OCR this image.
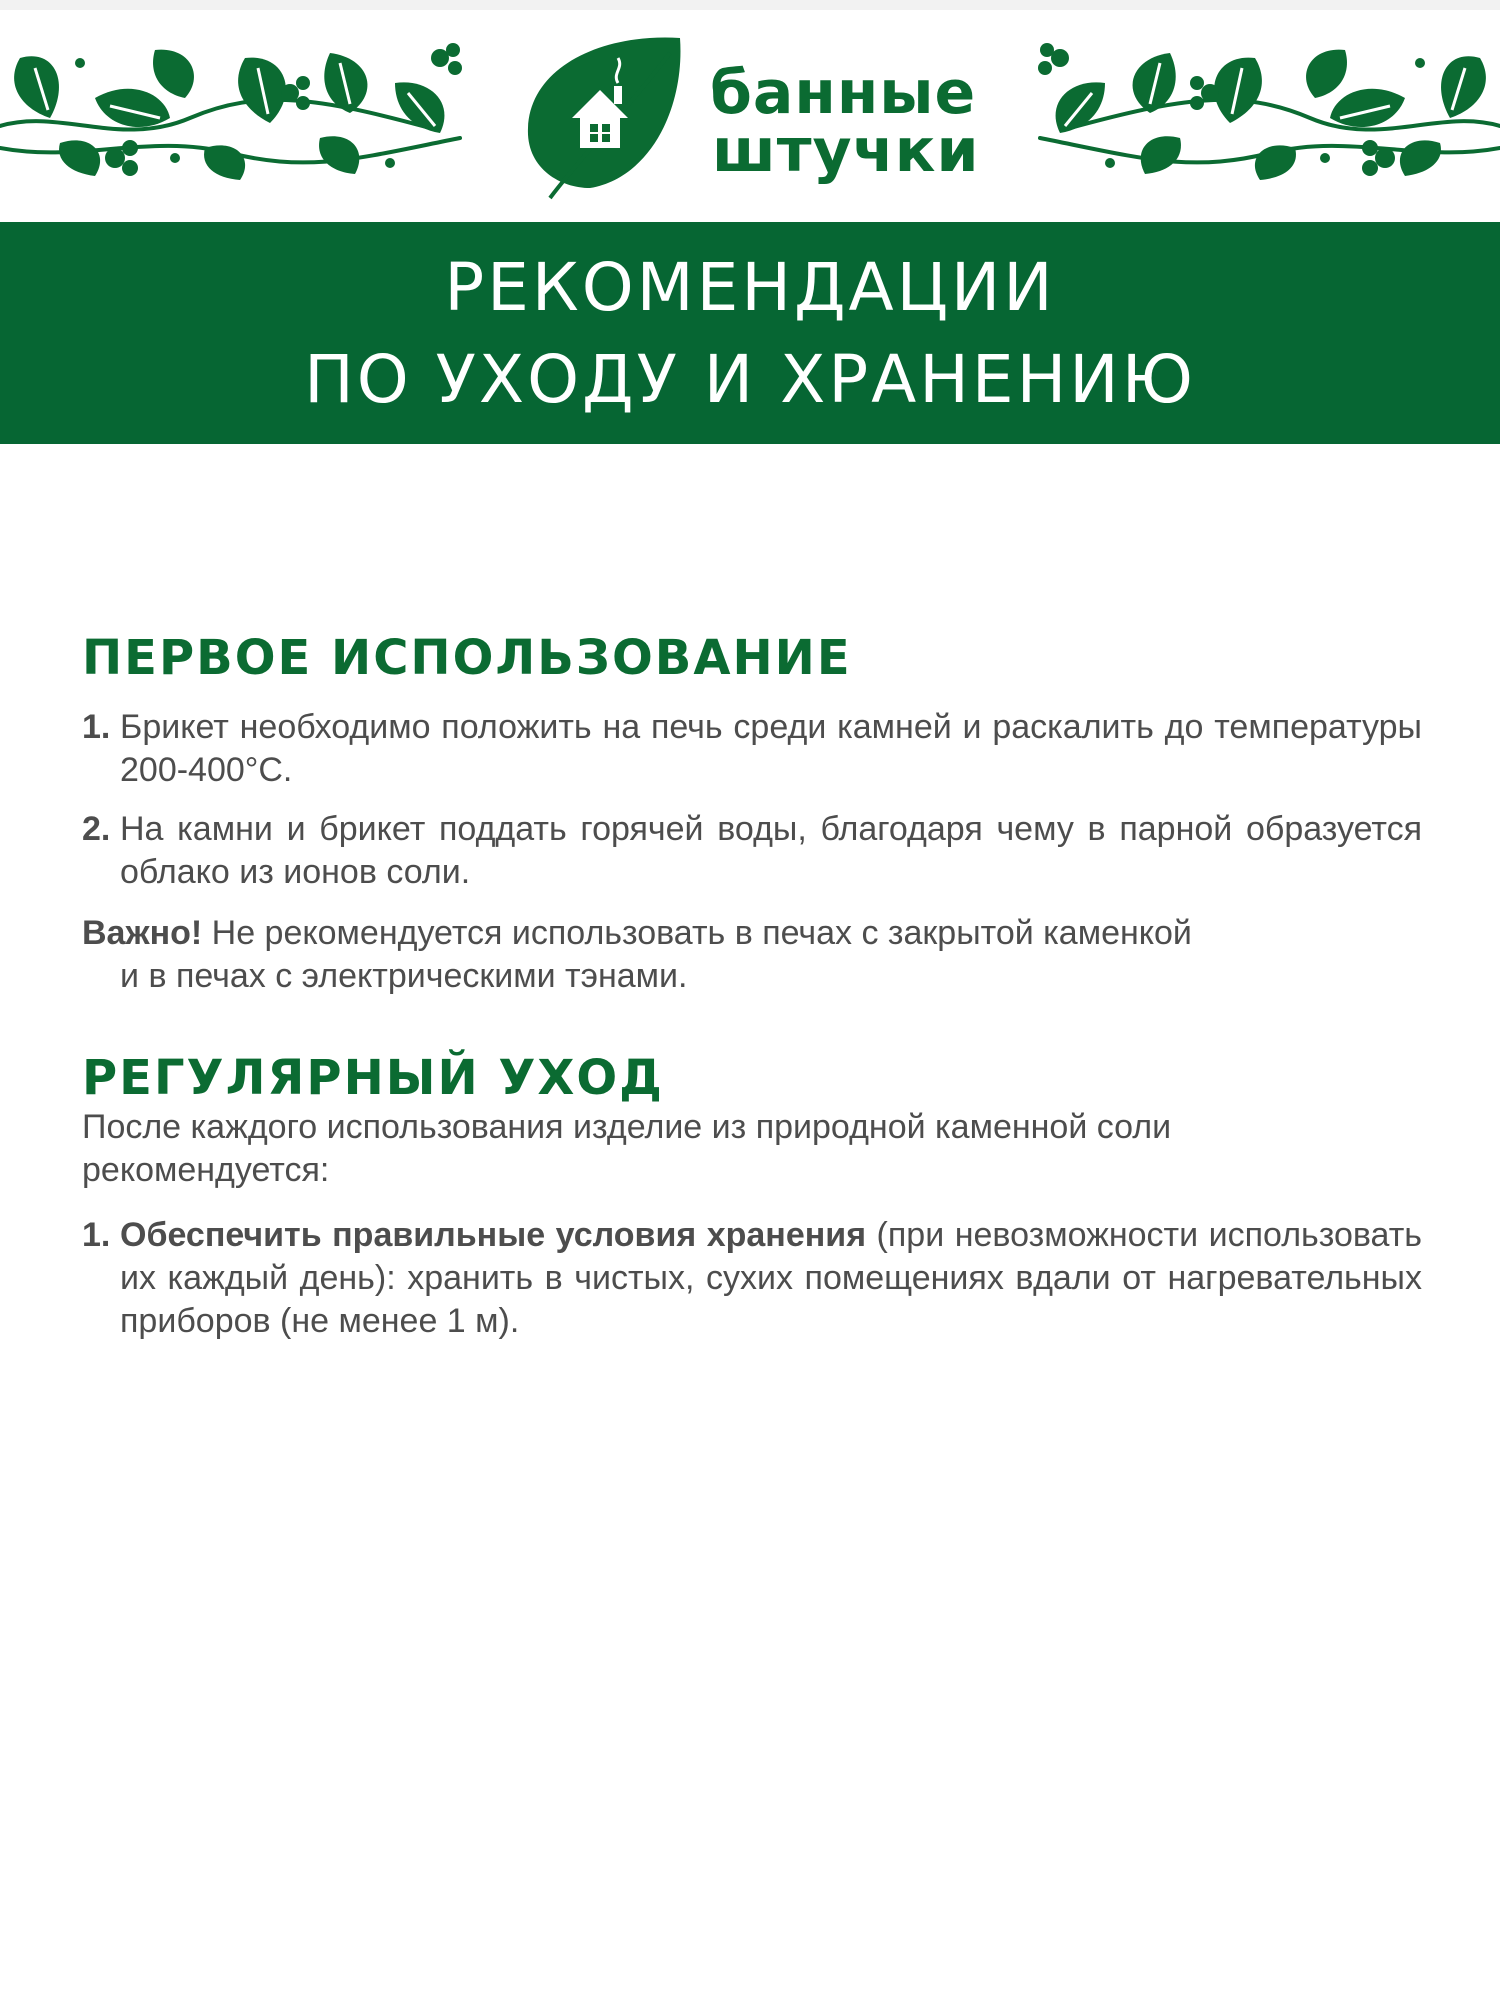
банные
штучки
РЕКОМЕНДАЦИИ
ПО УХОДУ И ХРАНЕНИЮ
ПЕРВОЕ ИСПОЛЬЗОВАНИЕ
1. Брикет необходимо положить на печь среди камней и раскалить до температуры 200-400°С.
2. На камни и брикет поддать горячей воды, благодаря чему в парной образуется облако из ионов соли.
Важно! Не рекомендуется использовать в печах с закрытой каменкой
и в печах с электрическими тэнами.
РЕГУЛЯРНЫЙ УХОД

После каждого использования изделие из природной каменной соли рекомендуется:

1. Обеспечить правильные условия хранения (при невозможности использовать их каждый день): хранить в чистых, сухих помещениях вдали от нагревательных приборов (не менее 1 м).
